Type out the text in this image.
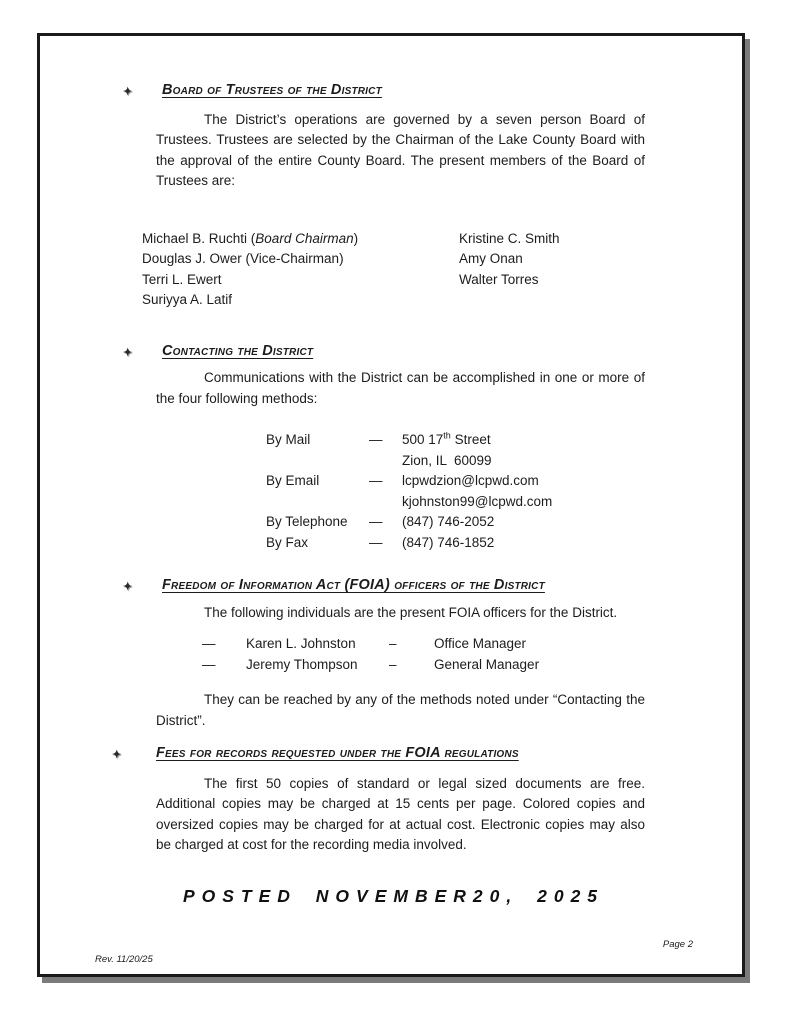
✦ Board of Trustees of the District

The District’s operations are governed by a seven person Board of Trustees. Trustees are selected by the Chairman of the Lake County Board with the approval of the entire County Board. The present members of the Board of Trustees are:

Michael B. Ruchti (Board Chairman)	Kristine C. Smith
Douglas J. Ower (Vice-Chairman)	Amy Onan
Terri L. Ewert	Walter Torres
Suriyya A. Latif
✦ Contacting the District

Communications with the District can be accomplished in one or more of the four following methods:

By Mail	—	500 17th Street
Zion, IL  60099
By Email	—	lcpwdzion@lcpwd.com
kjohnston99@lcpwd.com
By Telephone	—	(847) 746-2052
By Fax	—	(847) 746-1852
✦ Freedom of Information Act (FOIA) officers of the District

The following individuals are the present FOIA officers for the District.

—	Karen L. Johnston	–	Office Manager
—	Jeremy Thompson	–	General Manager

They can be reached by any of the methods noted under “Contacting the District”.

✦ Fees for records requested under the FOIA regulations

The first 50 copies of standard or legal sized documents are free. Additional copies may be charged at 15 cents per page. Colored copies and oversized copies may be charged for at actual cost. Electronic copies may also be charged at cost for the recording media involved.

POSTED NOVEMBER20, 2025
Page 2
Rev. 11/20/25
